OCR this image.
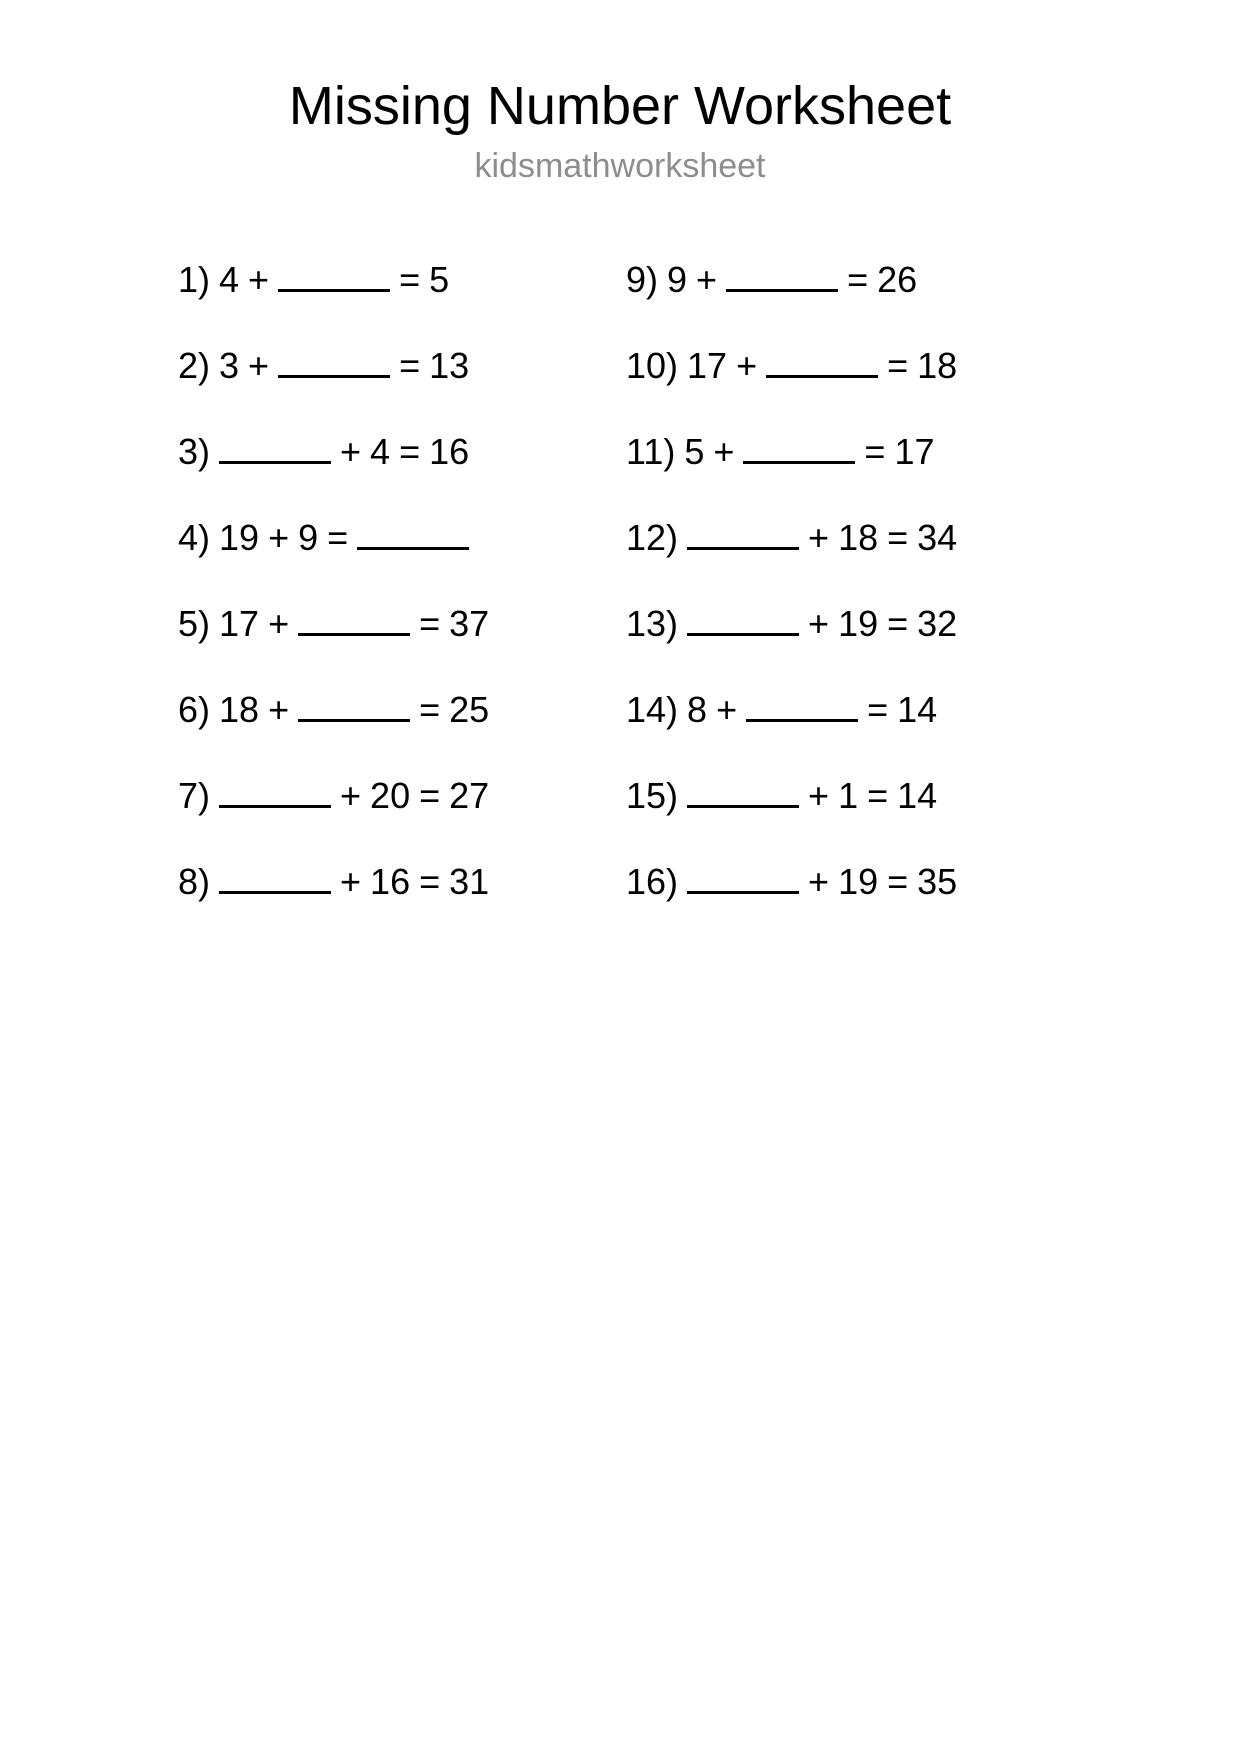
Missing Number Worksheet
kidsmathworksheet
1) 4 +	= 5
2) 3 +	= 13
3)	+ 4 = 16
4) 19 + 9 =
5) 17 +	= 37
6) 18 +	= 25
7)	+ 20 = 27
8)	+ 16 = 31
9) 9 +	= 26
10) 17 +	= 18
11) 5 +	= 17
12)	+ 18 = 34
13)	+ 19 = 32
14) 8 +	= 14
15)	+ 1 = 14
16)	+ 19 = 35
